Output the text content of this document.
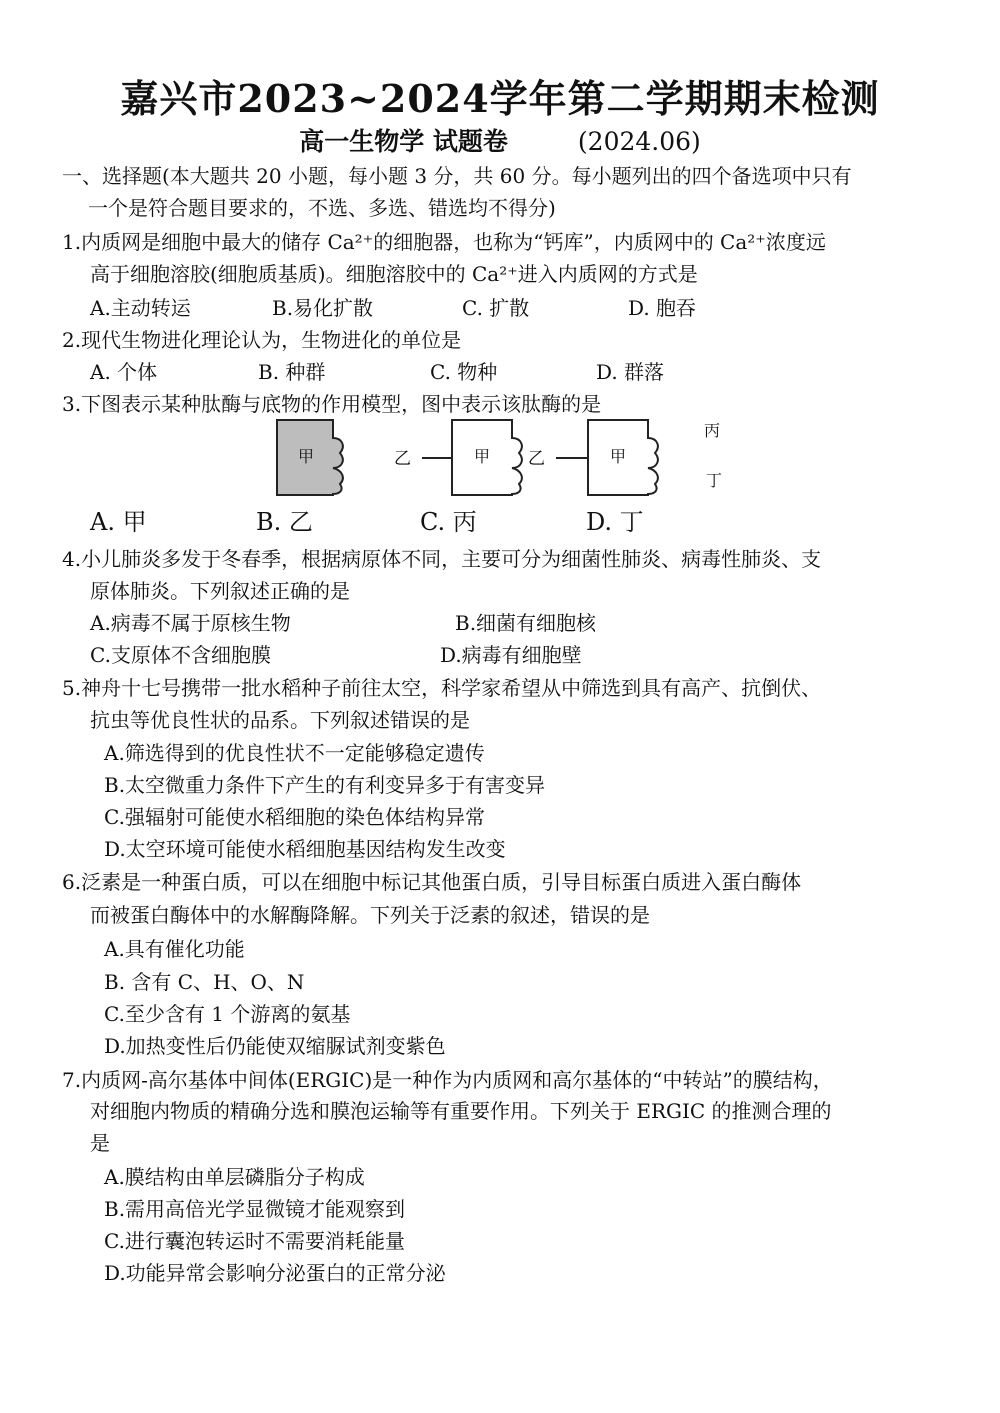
嘉兴市2023~2024学年第二学期期末检测
高一生物学 试题卷	(2024.06)
一、选择题(本大题共 20 小题，每小题 3 分，共 60 分。每小题列出的四个备选项中只有
一个是符合题目要求的，不选、多选、错选均不得分)
1.内质网是细胞中最大的储存 Ca²⁺的细胞器，也称为“钙库”，内质网中的 Ca²⁺浓度远
高于细胞溶胶(细胞质基质)。细胞溶胶中的 Ca²⁺进入内质网的方式是
A.主动转运	B.易化扩散	C. 扩散	D. 胞吞
2.现代生物进化理论认为，生物进化的单位是
A. 个体	B. 种群	C. 物种	D. 群落
3.下图表示某种肽酶与底物的作用模型，图中表示该肽酶的是
甲	乙	甲 乙	甲
丙
丁
A. 甲	B. 乙	C. 丙	D. 丁
4.小儿肺炎多发于冬春季，根据病原体不同，主要可分为细菌性肺炎、病毒性肺炎、支
原体肺炎。下列叙述正确的是
A.病毒不属于原核生物	B.细菌有细胞核
C.支原体不含细胞膜	D.病毒有细胞壁
5.神舟十七号携带一批水稻种子前往太空，科学家希望从中筛选到具有高产、抗倒伏、
抗虫等优良性状的品系。下列叙述错误的是
A.筛选得到的优良性状不一定能够稳定遗传
B.太空微重力条件下产生的有利变异多于有害变异
C.强辐射可能使水稻细胞的染色体结构异常
D.太空环境可能使水稻细胞基因结构发生改变
6.泛素是一种蛋白质，可以在细胞中标记其他蛋白质，引导目标蛋白质进入蛋白酶体
而被蛋白酶体中的水解酶降解。下列关于泛素的叙述，错误的是
A.具有催化功能
B. 含有 C、H、O、N
C.至少含有 1 个游离的氨基
D.加热变性后仍能使双缩脲试剂变紫色
7.内质网-高尔基体中间体(ERGIC)是一种作为内质网和高尔基体的“中转站”的膜结构，
对细胞内物质的精确分选和膜泡运输等有重要作用。下列关于 ERGIC 的推测合理的
是
A.膜结构由单层磷脂分子构成
B.需用高倍光学显微镜才能观察到
C.进行囊泡转运时不需要消耗能量
D.功能异常会影响分泌蛋白的正常分泌
